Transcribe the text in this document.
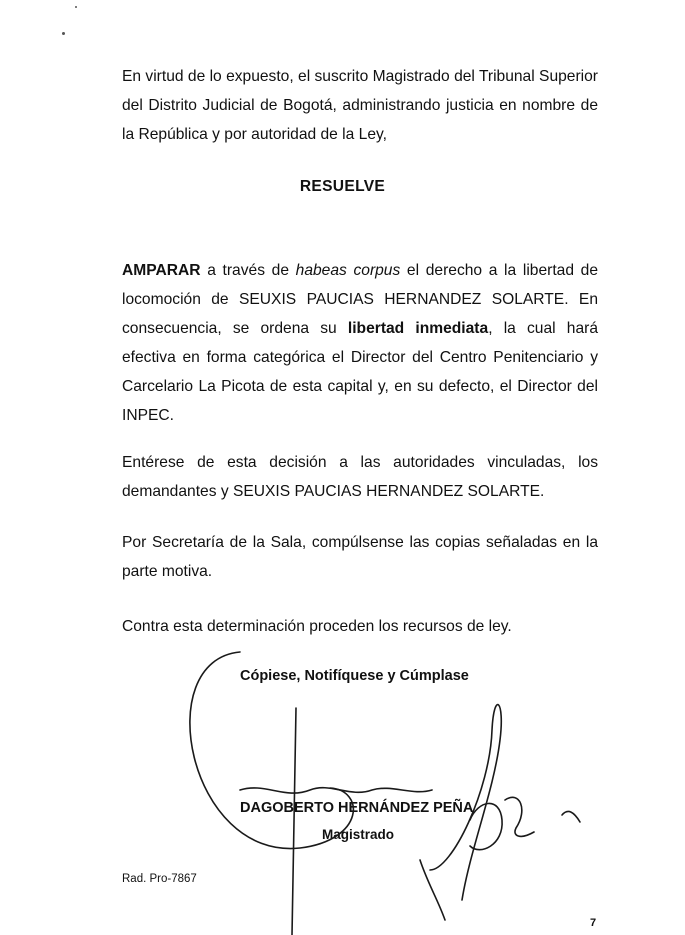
En virtud de lo expuesto, el suscrito Magistrado del Tribunal Superior del Distrito Judicial de Bogotá, administrando justicia en nombre de la República y por autoridad de la Ley,

RESUELVE

AMPARAR a través de habeas corpus el derecho a la libertad de locomoción de SEUXIS PAUCIAS HERNANDEZ SOLARTE. En consecuencia, se ordena su libertad inmediata, la cual hará efectiva en forma categórica el Director del Centro Penitenciario y Carcelario La Picota de esta capital y, en su defecto, el Director del INPEC.

Entérese de esta decisión a las autoridades vinculadas, los demandantes y SEUXIS PAUCIAS HERNANDEZ SOLARTE.

Por Secretaría de la Sala, compúlsense las copias señaladas en la parte motiva.

Contra esta determinación proceden los recursos de ley.

Cópiese, Notifíquese y Cúmplase
DAGOBERTO HERNÁNDEZ PEÑA
Magistrado
Rad. Pro-7867
7
